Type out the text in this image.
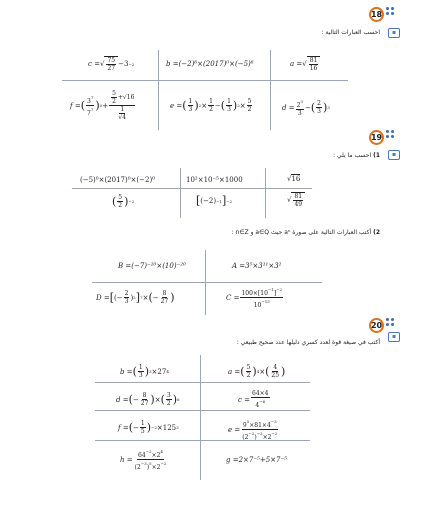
18
▪
احسب العبارات التالية :
c = √ $\frac{75}{27} -3 -2$	b =(−2)⁶×(2017)⁰×(−5)⁶	a = √ $\frac{81}{16}$
f = ( $\frac{3^7}{7^7}$ ) $0 + \frac{\frac{5}{2} +√16}{\frac{1}{√4}}$	e = ( $\frac{1}{3}$ ) $2 \times \frac{1}{2}$ − ( $\frac{1}{3}$ ) $2 \times \frac{5}{2}$	$d = \frac{2^3}{3}$ − ( $\frac{2}{3}$ ) 3
19
▪
1) احسب ما يلي :
(−5)⁰×(2017)⁰×(−2)⁰	10²×10⁻⁵×1000	√ 16
( $\frac{5}{2}$ ) −2	[ (−2) −1 ] −2	√ $\frac{81}{49}$
2) أكتب العبارات التالية على صورة aⁿ حيث a∈Q و n∈Z :
B =(−7)⁻²⁰×(10)⁻²⁰	A =3⁵×3¹¹×3²
D = [ (− $\frac{2}{3}$ ) 2 ] 7 × ( − $\frac{8}{27}$ )	$C = \frac{100\times[10^{-1}]^{-2}}{10^{-15}}$
20
▪
أكتب في صيغة قوة لعدد كسري دليلها عدد صحيح طبيعي :
b = ( $\frac{1}{3}$ ) 3 ×27 4	a = ( $\frac{5}{2}$ ) 4 × ( $\frac{4}{25}$ )
d = ( − $\frac{8}{27}$ ) × ( $\frac{3}{2}$ ) 6	$c = \frac{64\times 4}{4^{-6}}$
f = ( − $\frac{1}{5}$ ) −2 ×125 3	$e = \frac{9^5\times 81\times 4^{-3}}{(2^{-2})^{-3}\times 2^{-2}}$
$h = \frac{64^{-2}\times 2^4}{(2^{-3})^5\times 2^{-2}}$	g =2×7⁻⁵+5×7⁻⁵
